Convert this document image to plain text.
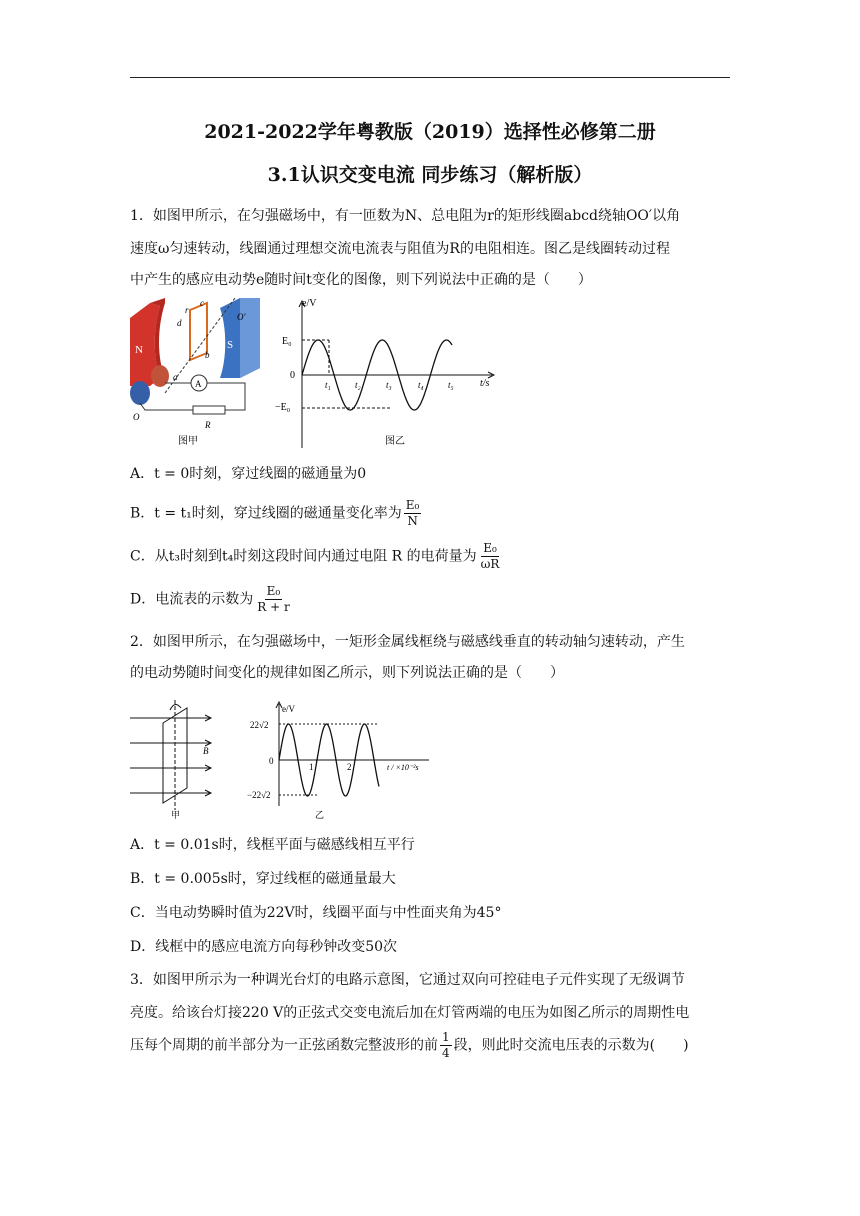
2021-2022学年粤教版（2019）选择性必修第二册
3.1认识交变电流 同步练习（解析版）
1．如图甲所示，在匀强磁场中，有一匝数为N、总电阻为r的矩形线圈abcd绕轴OO′以角
速度ω匀速转动，线圈通过理想交流电流表与阻值为R的电阻相连。图乙是线圈转动过程
中产生的感应电动势e随时间t变化的图像，则下列说法中正确的是（　　）
N	S
r
c
d
b
a
O′
A
O
R
图甲
e/V
t/s
E₀
−E₀
0
t₁	t₂	t₃	t₄	t₅
图乙
A．t = 0时刻，穿过线圈的磁通量为0
B．t = t₁时刻，穿过线圈的磁通量变化率为 $\frac{\text{E₀}}{N}$
C．从t₃时刻到t₄时刻这段时间内通过电阻 R 的电荷量为 $\frac{\text{E₀}}{\omega R}$
D．电流表的示数为 $\frac{\text{E₀}}{R + r}$
2．如图甲所示，在匀强磁场中，一矩形金属线框绕与磁感线垂直的转动轴匀速转动，产生
的电动势随时间变化的规律如图乙所示，则下列说法正确的是（　　）
B
甲
e/V
22√2
−22√2
0
1	2	t / ×10⁻²s
乙
A．t = 0.01s时，线框平面与磁感线相互平行
B．t = 0.005s时，穿过线框的磁通量最大
C．当电动势瞬时值为22V时，线圈平面与中性面夹角为45°
D．线框中的感应电流方向每秒钟改变50次
3．如图甲所示为一种调光台灯的电路示意图，它通过双向可控硅电子元件实现了无级调节
亮度。给该台灯接220 V的正弦式交变电流后加在灯管两端的电压为如图乙所示的周期性电
压每个周期的前半部分为一正弦函数完整波形的前 $\frac{1}{4}$ 段，则此时交流电压表的示数为(　　)
